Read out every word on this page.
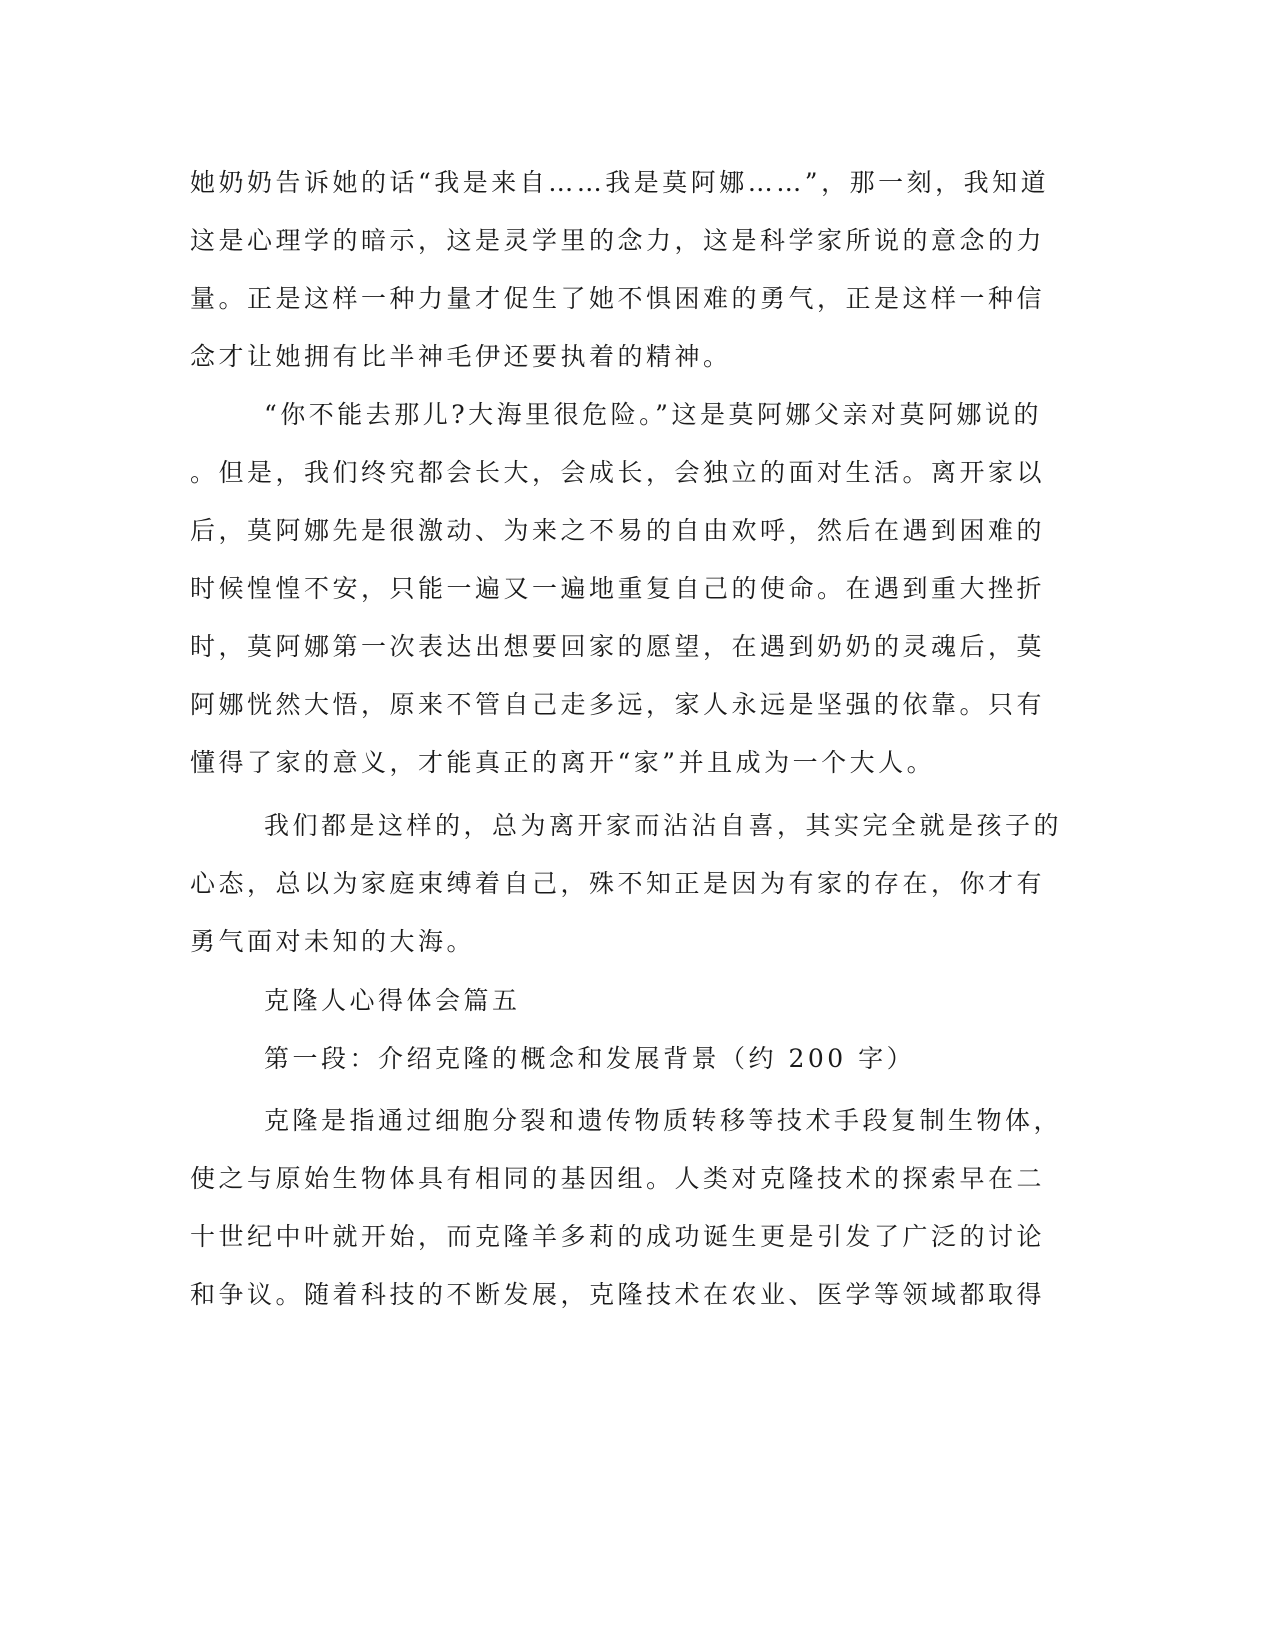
她奶奶告诉她的话“我是来自……我是莫阿娜……”，那一刻，我知道
这是心理学的暗示，这是灵学里的念力，这是科学家所说的意念的力
量。正是这样一种力量才促生了她不惧困难的勇气，正是这样一种信
念才让她拥有比半神毛伊还要执着的精神。
“你不能去那儿?大海里很危险。”这是莫阿娜父亲对莫阿娜说的
。但是，我们终究都会长大，会成长，会独立的面对生活。离开家以
后，莫阿娜先是很激动、为来之不易的自由欢呼，然后在遇到困难的
时候惶惶不安，只能一遍又一遍地重复自己的使命。在遇到重大挫折
时，莫阿娜第一次表达出想要回家的愿望，在遇到奶奶的灵魂后，莫
阿娜恍然大悟，原来不管自己走多远，家人永远是坚强的依靠。只有
懂得了家的意义，才能真正的离开“家”并且成为一个大人。
我们都是这样的，总为离开家而沾沾自喜，其实完全就是孩子的
心态，总以为家庭束缚着自己，殊不知正是因为有家的存在，你才有
勇气面对未知的大海。
克隆人心得体会篇五
第一段：介绍克隆的概念和发展背景（约 200 字）
克隆是指通过细胞分裂和遗传物质转移等技术手段复制生物体，
使之与原始生物体具有相同的基因组。人类对克隆技术的探索早在二
十世纪中叶就开始，而克隆羊多莉的成功诞生更是引发了广泛的讨论
和争议。随着科技的不断发展，克隆技术在农业、医学等领域都取得
